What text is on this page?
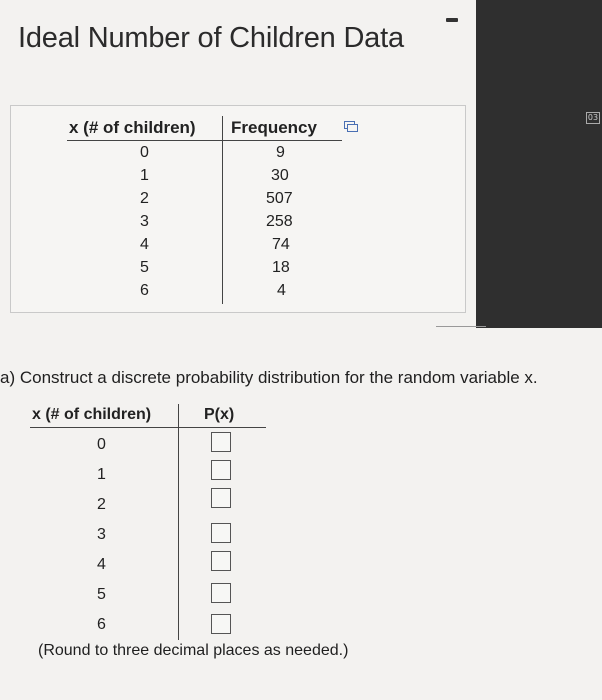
Ideal Number of Children Data
03
x (# of children) Frequency
0	9
1	30
2	507
3	258
4	74
5	18
6	4
a) Construct a discrete probability distribution for the random variable x.
x (# of children)	P(x)
0
1
2
3
4
5
6
(Round to three decimal places as needed.)
